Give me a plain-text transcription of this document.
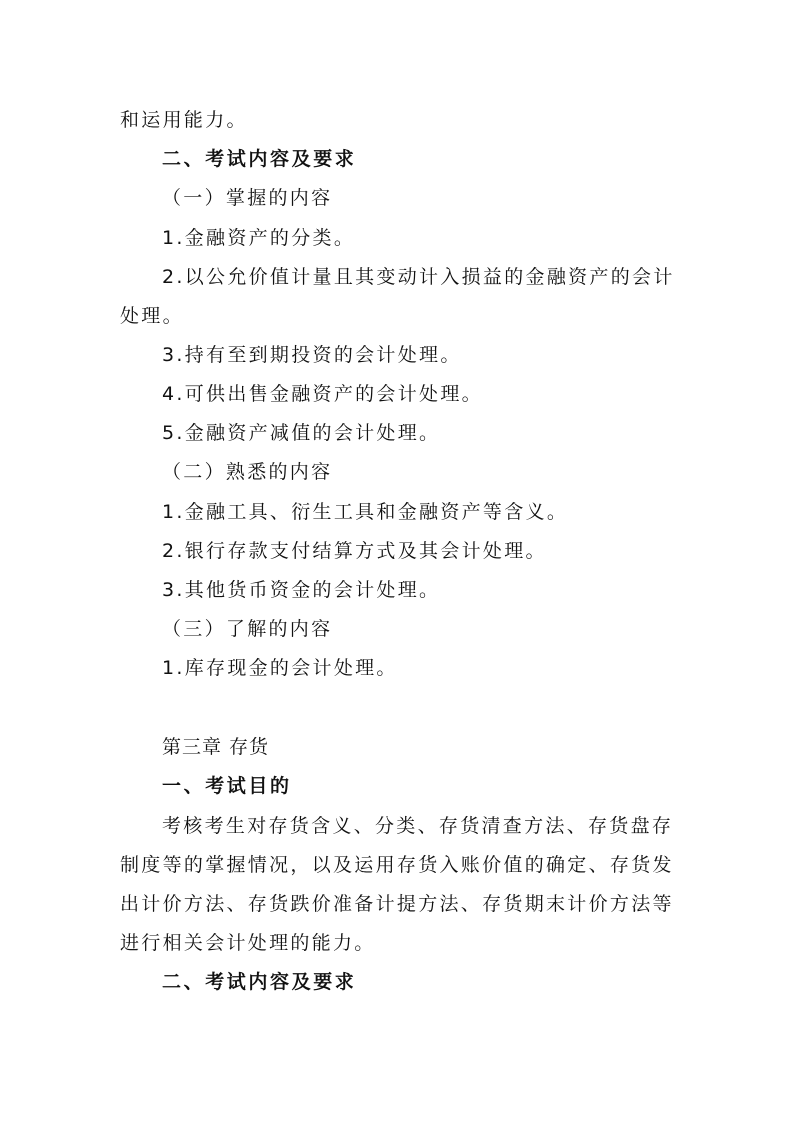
和运用能力。
二、考试内容及要求
（一）掌握的内容
1.金融资产的分类。
2.以公允价值计量且其变动计入损益的金融资产的会计
处理。
3.持有至到期投资的会计处理。
4.可供出售金融资产的会计处理。
5.金融资产减值的会计处理。
（二）熟悉的内容
1.金融工具、衍生工具和金融资产等含义。
2.银行存款支付结算方式及其会计处理。
3.其他货币资金的会计处理。
（三）了解的内容
1.库存现金的会计处理。
第三章 存货
一、考试目的
考核考生对存货含义、分类、存货清查方法、存货盘存
制度等的掌握情况，以及运用存货入账价值的确定、存货发
出计价方法、存货跌价准备计提方法、存货期末计价方法等
进行相关会计处理的能力。
二、考试内容及要求
